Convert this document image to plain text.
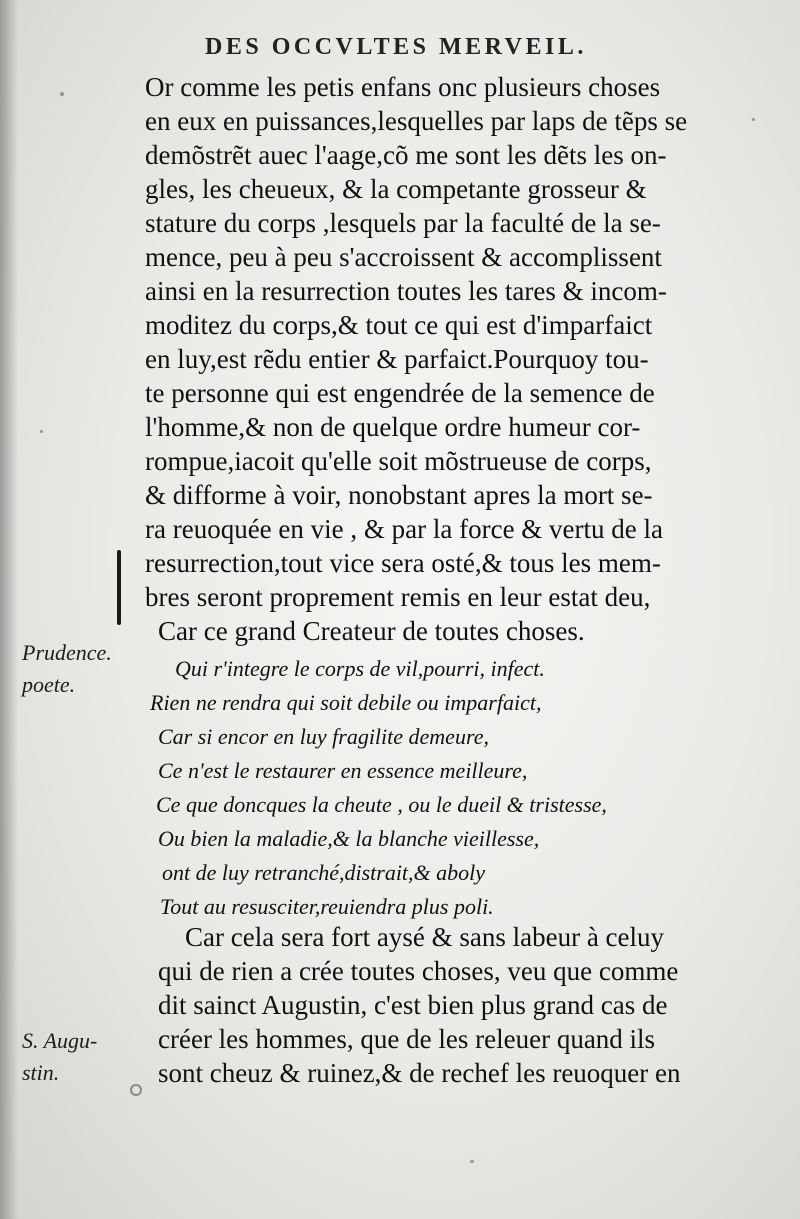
DES OCCVLTES MERVEIL.
Or comme les petis enfans onc plusieurs choses
en eux en puissances,lesquelles par laps de tẽps se
demõstrẽt auec l'aage,cõ me sont les dẽts les on-
gles, les cheueux, & la competante grosseur &
stature du corps ,lesquels par la faculté de la se-
mence, peu à peu s'accroissent & accomplissent
ainsi en la resurrection toutes les tares & incom-
moditez du corps,& tout ce qui est d'imparfaict
en luy,est rẽdu entier & parfaict.Pourquoy tou-
te personne qui est engendrée de la semence de
l'homme,& non de quelque ordre humeur cor-
rompue,iacoit qu'elle soit mõstrueuse de corps,
& difforme à voir, nonobstant apres la mort se-
ra reuoquée en vie , & par la force & vertu de la
resurrection,tout vice sera osté,& tous les mem-
bres seront proprement remis en leur estat deu,
Car ce grand Createur de toutes choses.
Qui r'integre le corps de vil,pourri, infect.
Rien ne rendra qui soit debile ou imparfaict,
Car si encor en luy fragilite demeure,
Ce n'est le restaurer en essence meilleure,
Ce que doncques la cheute , ou le dueil & tristesse,
Ou bien la maladie,& la blanche vieillesse,
ont de luy retranché,distrait,& aboly
Tout au resusciter,reuiendra plus poli.
Car cela sera fort aysé & sans labeur à celuy
qui de rien a crée toutes choses, veu que comme
dit sainct Augustin, c'est bien plus grand cas de
créer les hommes, que de les releuer quand ils
sont cheuz & ruinez,& de rechef les reuoquer en
Prudence.
poete.
S. Augu-
stin.
